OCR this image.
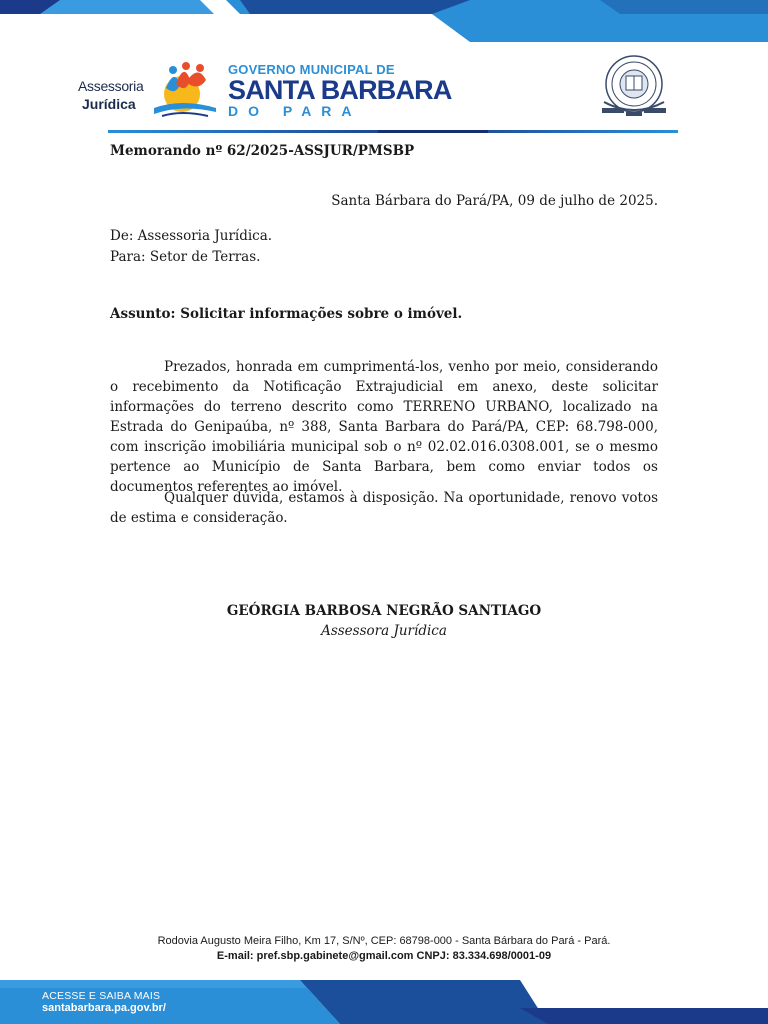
Assessoria
Jurídica
GOVERNO MUNICIPAL DE
SANTA BARBARA
DO PARA
Memorando nº 62/2025-ASSJUR/PMSBP
Santa Bárbara do Pará/PA, 09 de julho de 2025.
De: Assessoria Jurídica.
Para: Setor de Terras.
Assunto: Solicitar informações sobre o imóvel.

Prezados, honrada em cumprimentá-los, venho por meio, considerando o recebimento da Notificação Extrajudicial em anexo, deste solicitar informações do terreno descrito como TERRENO URBANO, localizado na Estrada do Genipaúba, nº 388, Santa Barbara do Pará/PA, CEP: 68.798-000, com inscrição imobiliária municipal sob o nº 02.02.016.0308.001, se o mesmo pertence ao Município de Santa Barbara, bem como enviar todos os documentos referentes ao imóvel.

Qualquer dúvida, estamos à disposição. Na oportunidade, renovo votos de estima e consideração.

GEÓRGIA BARBOSA NEGRÃO SANTIAGO
Assessora Jurídica
Rodovia Augusto Meira Filho, Km 17, S/Nº, CEP: 68798-000 - Santa Bárbara do Pará - Pará.
E-mail: pref.sbp.gabinete@gmail.com CNPJ: 83.334.698/0001-09
ACESSE E SAIBA MAIS
santabarbara.pa.gov.br/
